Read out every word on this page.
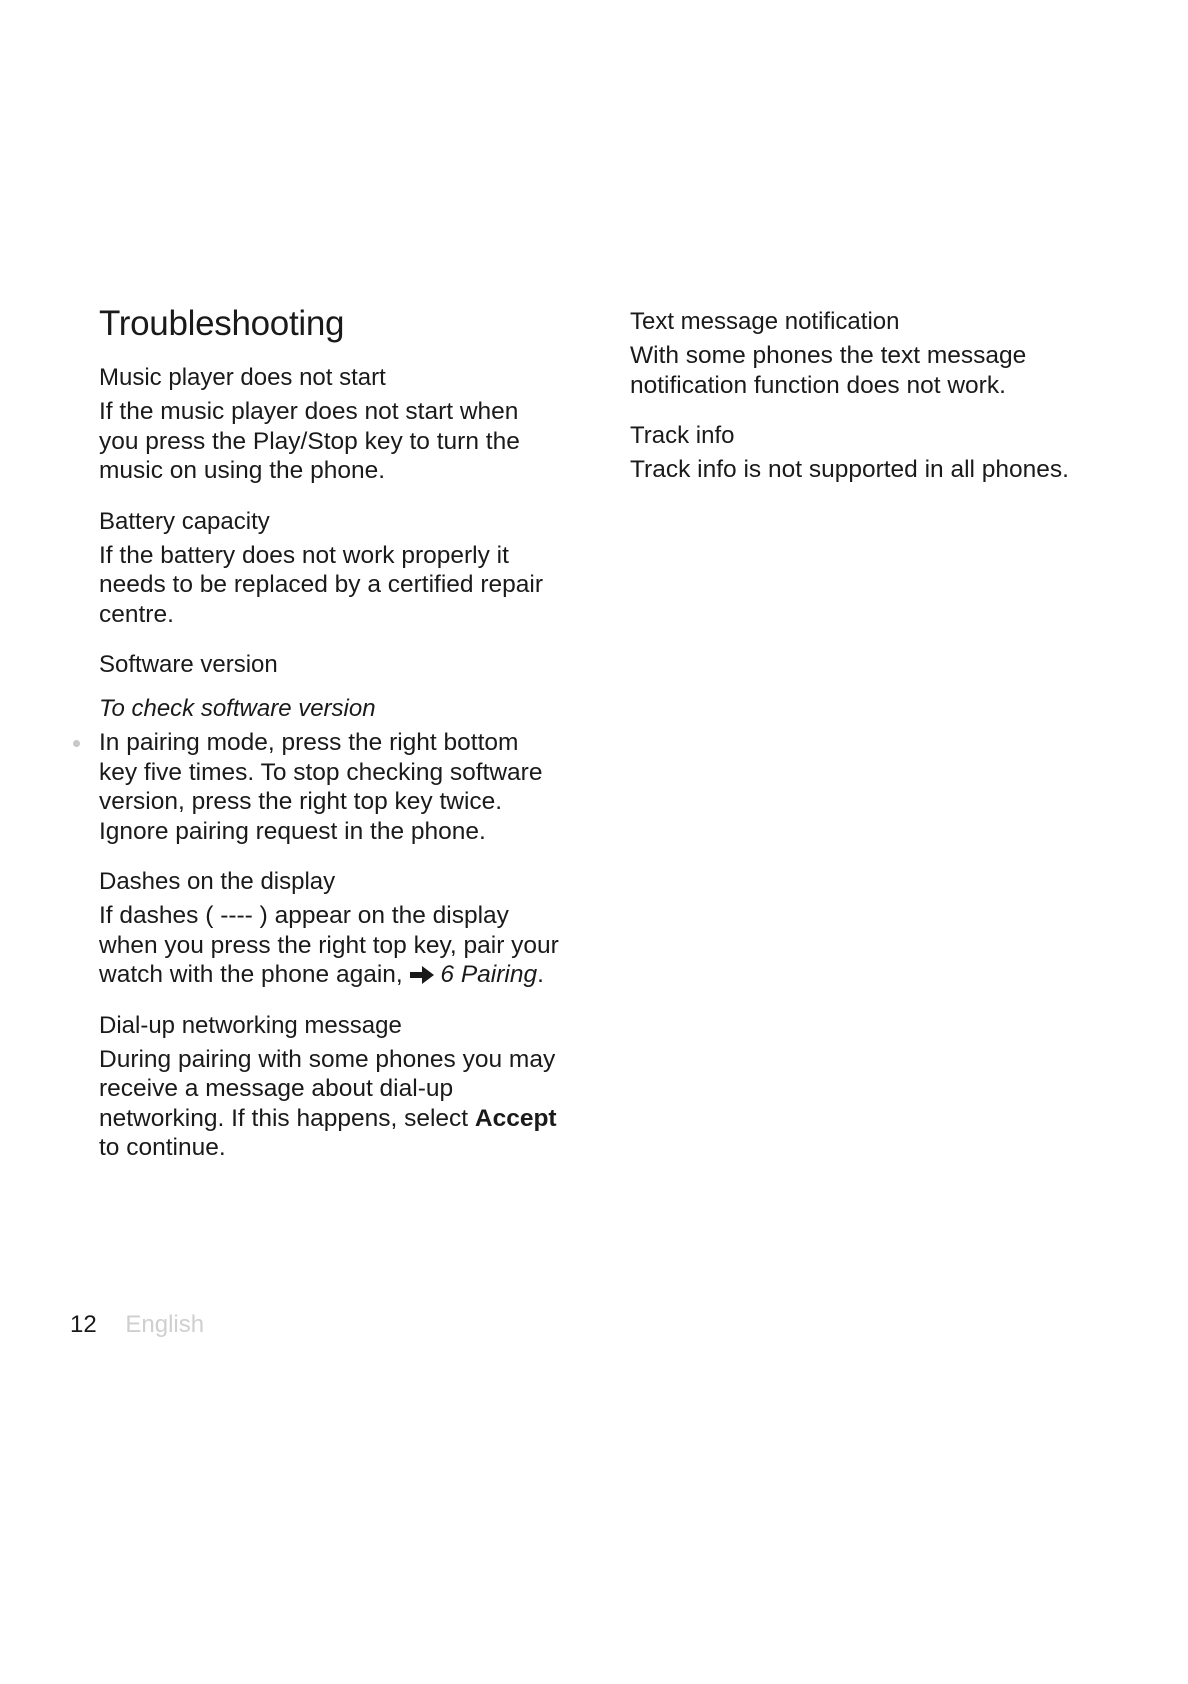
Troubleshooting
Music player does not start

If the music player does not start when you press the Play/Stop key to turn the music on using the phone.

Battery capacity

If the battery does not work properly it needs to be replaced by a certified repair centre.

Software version
To check software version
In pairing mode, press the right bottom key five times. To stop checking software version, press the right top key twice. Ignore pairing request in the phone.
Dashes on the display

If dashes ( ---- ) appear on the display when you press the right top key, pair your watch with the phone again,  6 Pairing.

Dial-up networking message

During pairing with some phones you may receive a message about dial-up networking. If this happens, select Accept to continue.

Text message notification

With some phones the text message notification function does not work.

Track info

Track info is not supported in all phones.

12 English
